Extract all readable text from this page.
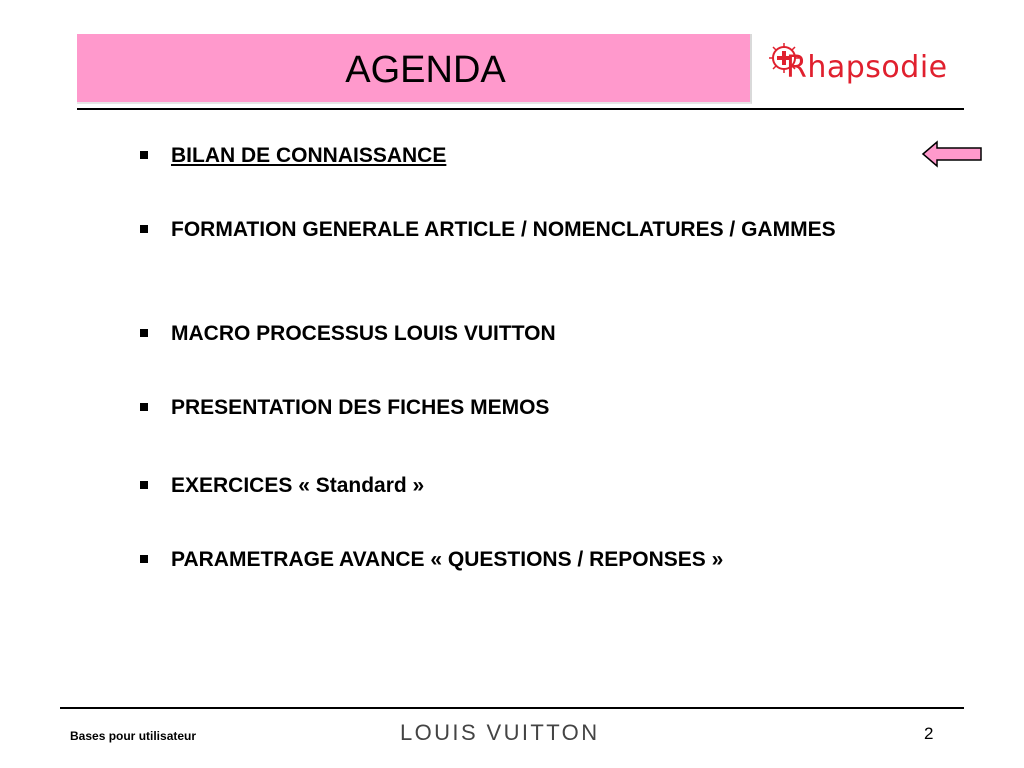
AGENDA	Rhapsodie
BILAN DE CONNAISSANCE
FORMATION GENERALE ARTICLE / NOMENCLATURES / GAMMES
MACRO PROCESSUS LOUIS VUITTON
PRESENTATION DES FICHES MEMOS
EXERCICES « Standard »
PARAMETRAGE AVANCE « QUESTIONS / REPONSES »
Bases pour utilisateur	LOUIS VUITTON	2
